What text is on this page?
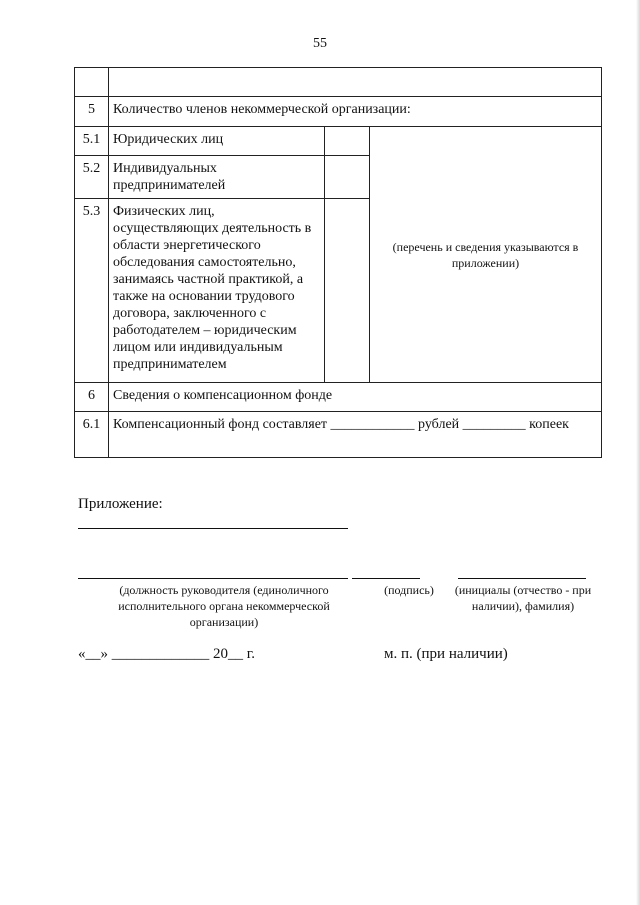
55

5	Количество членов некоммерческой организации:		

5.1	Юридических лиц		(перечень и сведения указываются в приложении)

5.2	Индивидуальных предпринимателей		

5.3	Физических лиц, осуществляющих деятельность в области энергетического обследования самостоятельно, занимаясь частной практикой, а также на основании трудового договора, заключенного с работодателем – юридическим лицом или индивидуальным предпринимателем		

6	Сведения о компенсационном фонде		

6.1	Компенсационный фонд составляет ____________ рублей _________ копеек		
Приложение:
(должность руководителя (единоличного исполнительного органа некоммерческой организации)
(подпись)	(инициалы (отчество - при наличии), фамилия)
«__» _____________ 20__ г.	м. п. (при наличии)
